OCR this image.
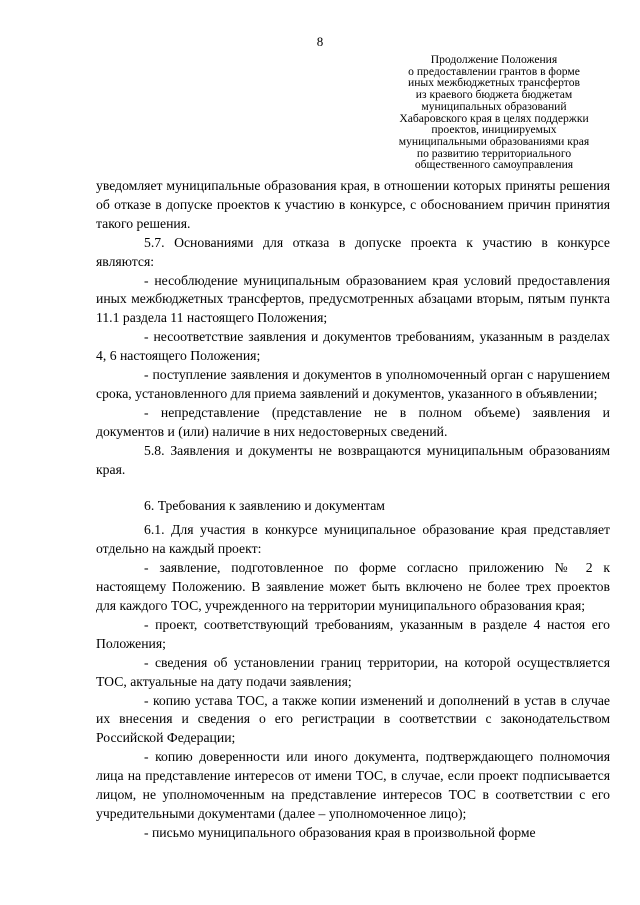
8
Продолжение Положения
о предоставлении грантов в форме
иных межбюджетных трансфертов
из краевого бюджета бюджетам
муниципальных образований
Хабаровского края в целях поддержки
проектов, инициируемых
муниципальными образованиями края
по развитию территориального
общественного самоуправления

уведомляет муниципальные образования края, в отношении которых приняты решения об отказе в допуске проектов к участию в конкурсе, с обоснованием причин принятия такого решения.

5.7. Основаниями для отказа в допуске проекта к участию в конкурсе являются:

- несоблюдение муниципальным образованием края условий предоставления иных межбюджетных трансфертов, предусмотренных абзацами вторым, пятым пункта 11.1 раздела 11 настоящего Положения;

- несоответствие заявления и документов требованиям, указанным в разделах 4, 6 настоящего Положения;

- поступление заявления и документов в уполномоченный орган с нарушением срока, установленного для приема заявлений и документов, указанного в объявлении;

- непредставление (представление не в полном объеме) заявления и документов и (или) наличие в них недостоверных сведений.

5.8. Заявления и документы не возвращаются муниципальным образованиям края.

6. Требования к заявлению и документам

6.1. Для участия в конкурсе муниципальное образование края представляет отдельно на каждый проект:

- заявление, подготовленное по форме согласно приложению № 2 к настоящему Положению. В заявление может быть включено не более трех проектов для каждого ТОС, учрежденного на территории муниципального образования края;

- проект, соответствующий требованиям, указанным в разделе 4 настоя его Положения;

- сведения об установлении границ территории, на которой осуществляется ТОС, актуальные на дату подачи заявления;

- копию устава ТОС, а также копии изменений и дополнений в устав в случае их внесения и сведения о его регистрации в соответствии с законодательством Российской Федерации;

- копию доверенности или иного документа, подтверждающего полномочия лица на представление интересов от имени ТОС, в случае, если проект подписывается лицом, не уполномоченным на представление интересов ТОС в соответствии с его учредительными документами (далее – уполномоченное лицо);

- письмо муниципального образования края в произвольной форме
